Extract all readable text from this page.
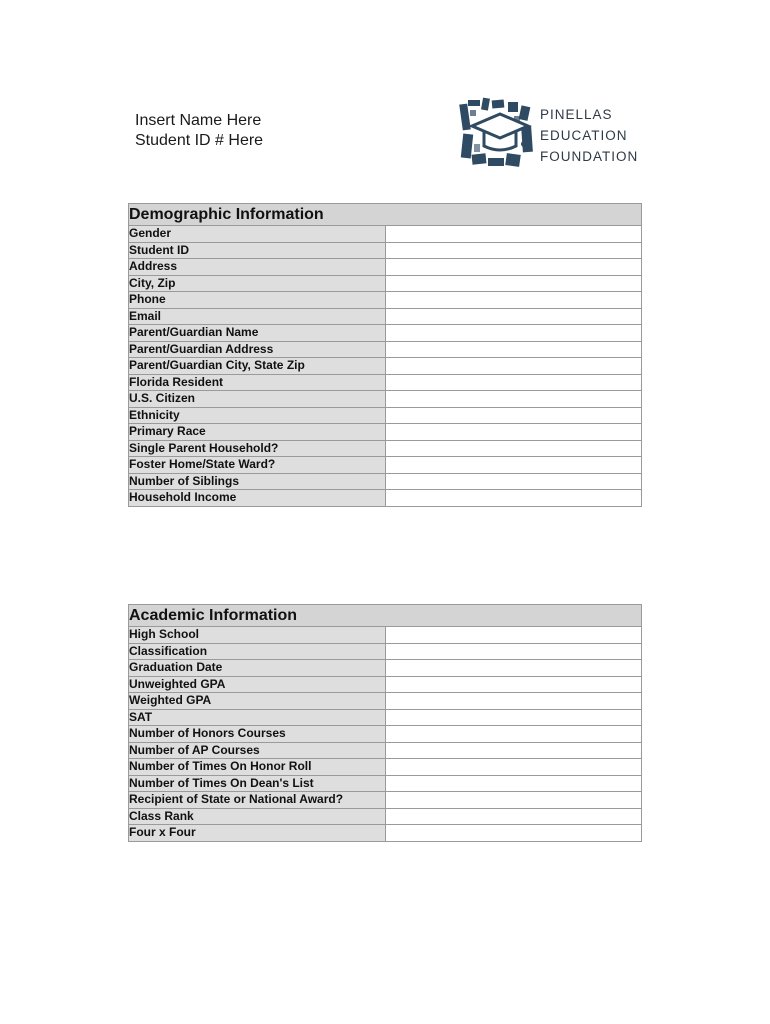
Insert Name Here
Student ID # Here
PINELLAS
EDUCATION
FOUNDATION
Demographic Information	
Gender	
Student ID	
Address	
City, Zip	
Phone	
Email	
Parent/Guardian Name	
Parent/Guardian Address	
Parent/Guardian City, State Zip	
Florida Resident	
U.S. Citizen	
Ethnicity	
Primary Race	
Single Parent Household?	
Foster Home/State Ward?	
Number of Siblings	
Household Income	
Academic Information	
High School	
Classification	
Graduation Date	
Unweighted GPA	
Weighted GPA	
SAT	
Number of Honors Courses	
Number of AP Courses	
Number of Times On Honor Roll	
Number of Times On Dean's List	
Recipient of State or National Award?	
Class Rank	
Four x Four	
